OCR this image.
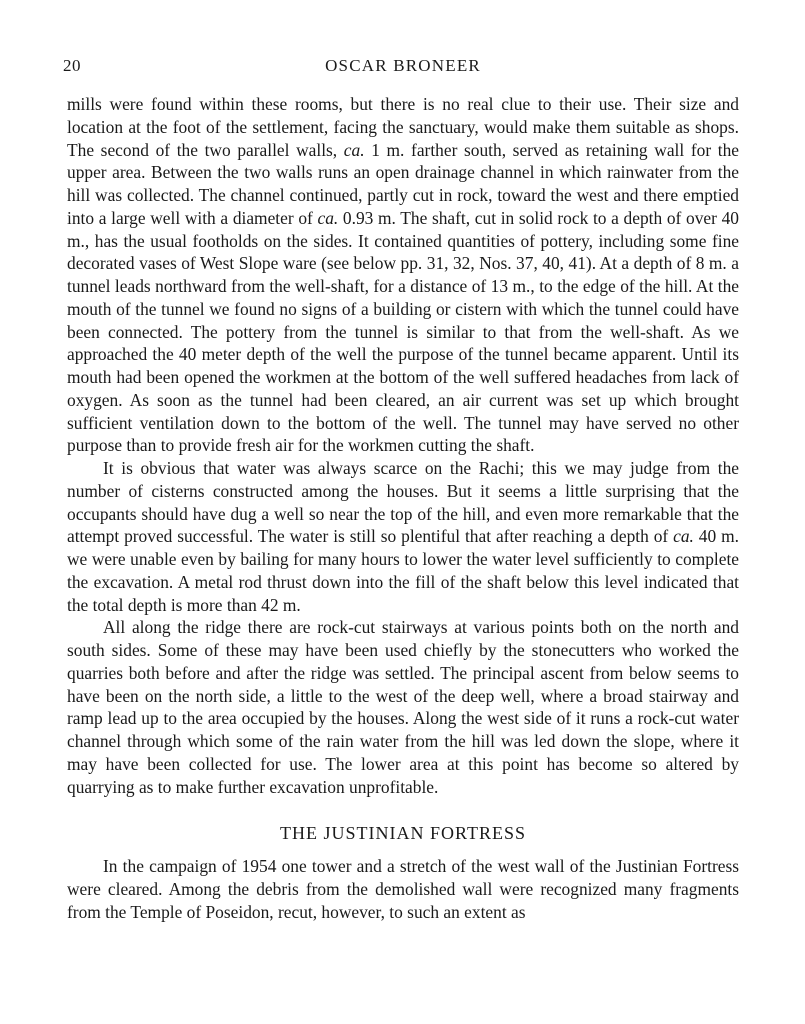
20	OSCAR BRONEER

mills were found within these rooms, but there is no real clue to their use. Their size and location at the foot of the settlement, facing the sanctuary, would make them suitable as shops. The second of the two parallel walls, ca. 1 m. farther south, served as retaining wall for the upper area. Between the two walls runs an open drainage channel in which rainwater from the hill was collected. The channel continued, partly cut in rock, toward the west and there emptied into a large well with a diameter of ca. 0.93 m. The shaft, cut in solid rock to a depth of over 40 m., has the usual footholds on the sides. It contained quantities of pottery, including some fine decorated vases of West Slope ware (see below pp. 31, 32, Nos. 37, 40, 41). At a depth of 8 m. a tunnel leads northward from the well-shaft, for a distance of 13 m., to the edge of the hill. At the mouth of the tunnel we found no signs of a building or cistern with which the tunnel could have been connected. The pottery from the tunnel is similar to that from the well-shaft. As we approached the 40 meter depth of the well the purpose of the tunnel became apparent. Until its mouth had been opened the workmen at the bottom of the well suffered headaches from lack of oxygen. As soon as the tunnel had been cleared, an air current was set up which brought sufficient ventilation down to the bottom of the well. The tunnel may have served no other purpose than to provide fresh air for the workmen cutting the shaft.

It is obvious that water was always scarce on the Rachi; this we may judge from the number of cisterns constructed among the houses. But it seems a little surprising that the occupants should have dug a well so near the top of the hill, and even more remarkable that the attempt proved successful. The water is still so plentiful that after reaching a depth of ca. 40 m. we were unable even by bailing for many hours to lower the water level sufficiently to complete the excavation. A metal rod thrust down into the fill of the shaft below this level indicated that the total depth is more than 42 m.

All along the ridge there are rock-cut stairways at various points both on the north and south sides. Some of these may have been used chiefly by the stonecutters who worked the quarries both before and after the ridge was settled. The principal ascent from below seems to have been on the north side, a little to the west of the deep well, where a broad stairway and ramp lead up to the area occupied by the houses. Along the west side of it runs a rock-cut water channel through which some of the rain water from the hill was led down the slope, where it may have been collected for use. The lower area at this point has become so altered by quarrying as to make further excavation unprofitable.

THE JUSTINIAN FORTRESS

In the campaign of 1954 one tower and a stretch of the west wall of the Justinian Fortress were cleared. Among the debris from the demolished wall were recognized many fragments from the Temple of Poseidon, recut, however, to such an extent as
